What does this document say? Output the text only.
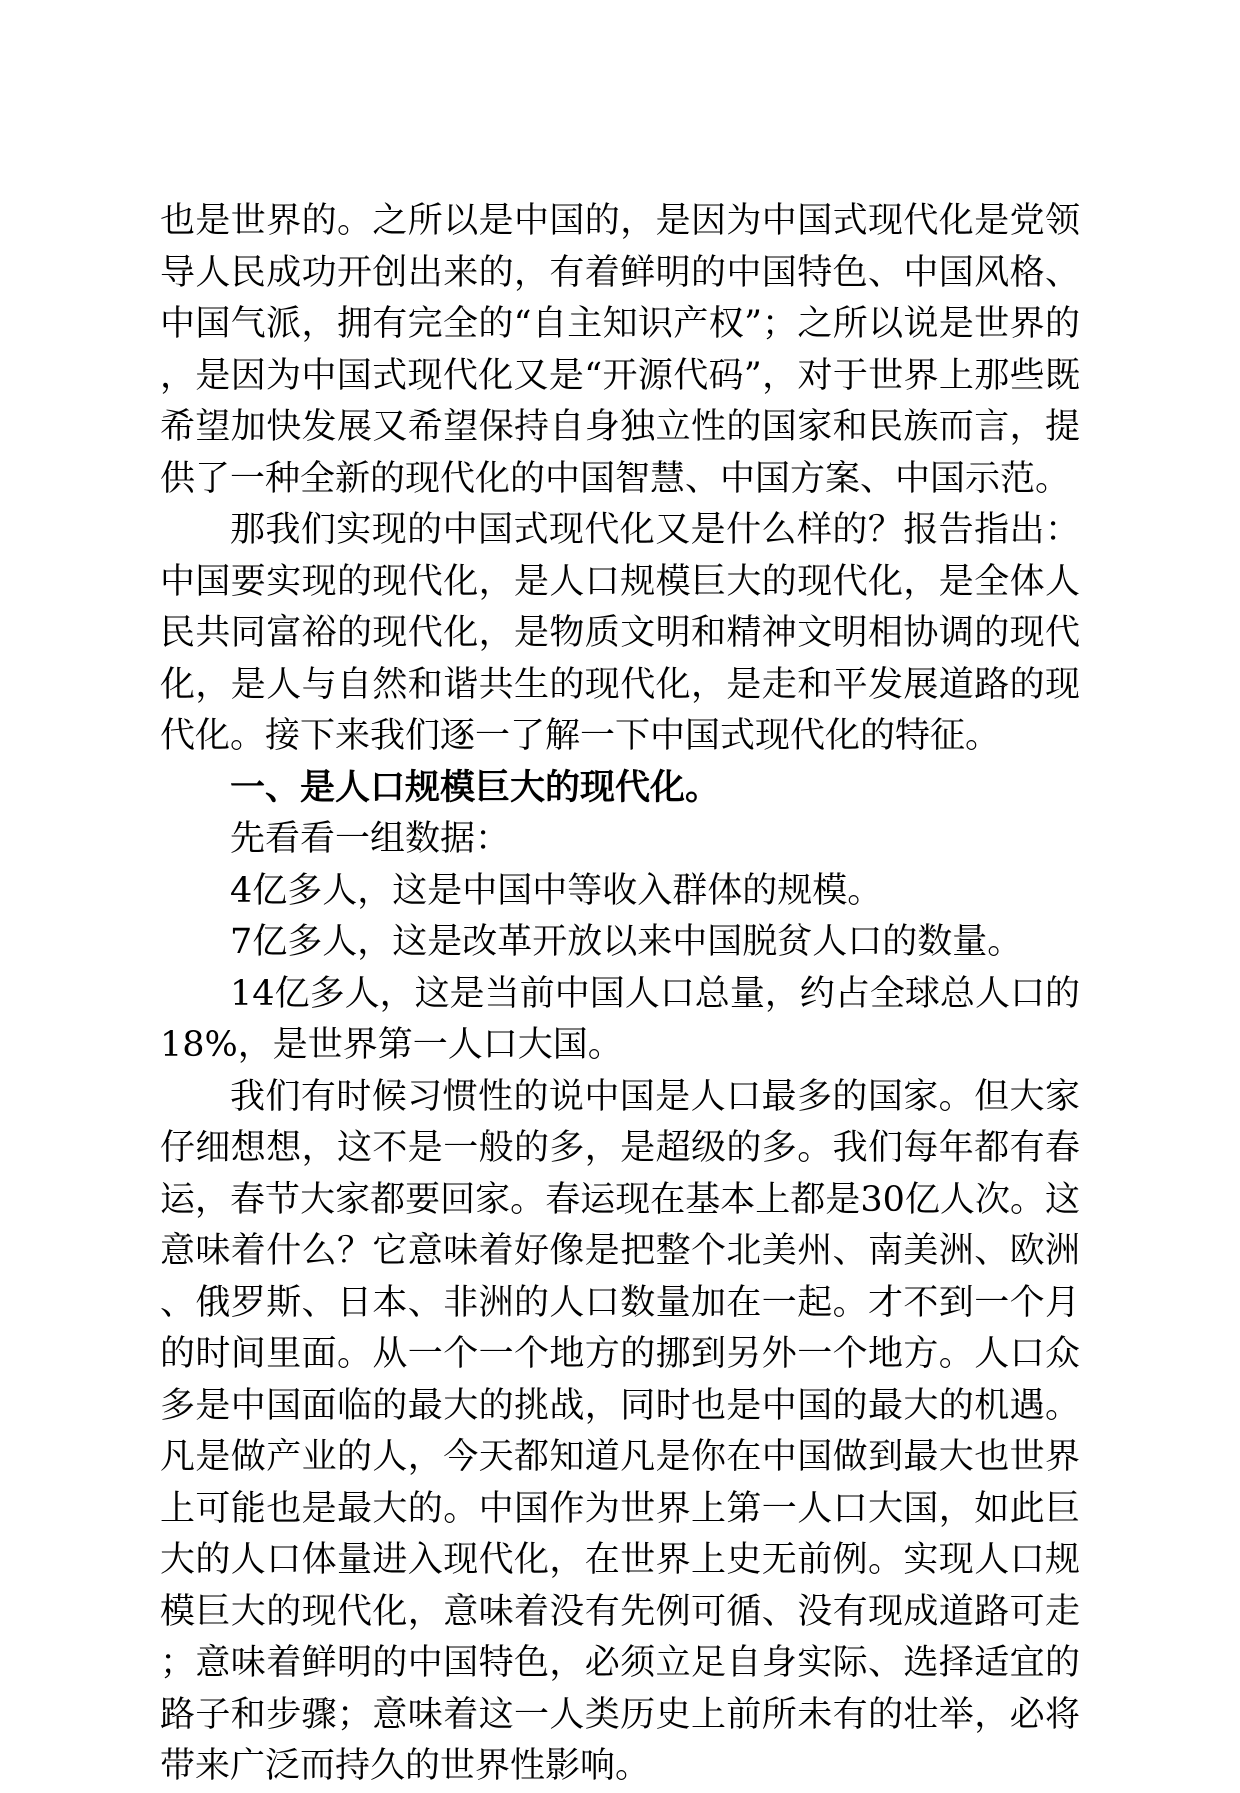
也是世界的。之所以是中国的，是因为中国式现代化是党领导人民成功开创出来的，有着鲜明的中国特色、中国风格、中国气派，拥有完全的“自主知识产权”；之所以说是世界的，是因为中国式现代化又是“开源代码”，对于世界上那些既希望加快发展又希望保持自身独立性的国家和民族而言，提供了一种全新的现代化的中国智慧、中国方案、中国示范。

那我们实现的中国式现代化又是什么样的？报告指出：中国要实现的现代化，是人口规模巨大的现代化，是全体人民共同富裕的现代化，是物质文明和精神文明相协调的现代化，是人与自然和谐共生的现代化，是走和平发展道路的现代化。接下来我们逐一了解一下中国式现代化的特征。

一、是人口规模巨大的现代化。

先看看一组数据：

4亿多人，这是中国中等收入群体的规模。

7亿多人，这是改革开放以来中国脱贫人口的数量。

14亿多人，这是当前中国人口总量，约占全球总人口的18%，是世界第一人口大国。

我们有时候习惯性的说中国是人口最多的国家。但大家仔细想想，这不是一般的多，是超级的多。我们每年都有春运，春节大家都要回家。春运现在基本上都是30亿人次。这意味着什么？它意味着好像是把整个北美州、南美洲、欧洲、俄罗斯、日本、非洲的人口数量加在一起。才不到一个月的时间里面。从一个一个地方的挪到另外一个地方。人口众多是中国面临的最大的挑战，同时也是中国的最大的机遇。凡是做产业的人，今天都知道凡是你在中国做到最大也世界上可能也是最大的。中国作为世界上第一人口大国，如此巨大的人口体量进入现代化，在世界上史无前例。实现人口规模巨大的现代化，意味着没有先例可循、没有现成道路可走；意味着鲜明的中国特色，必须立足自身实际、选择适宜的路子和步骤；意味着这一人类历史上前所未有的壮举，必将带来广泛而持久的世界性影响。
